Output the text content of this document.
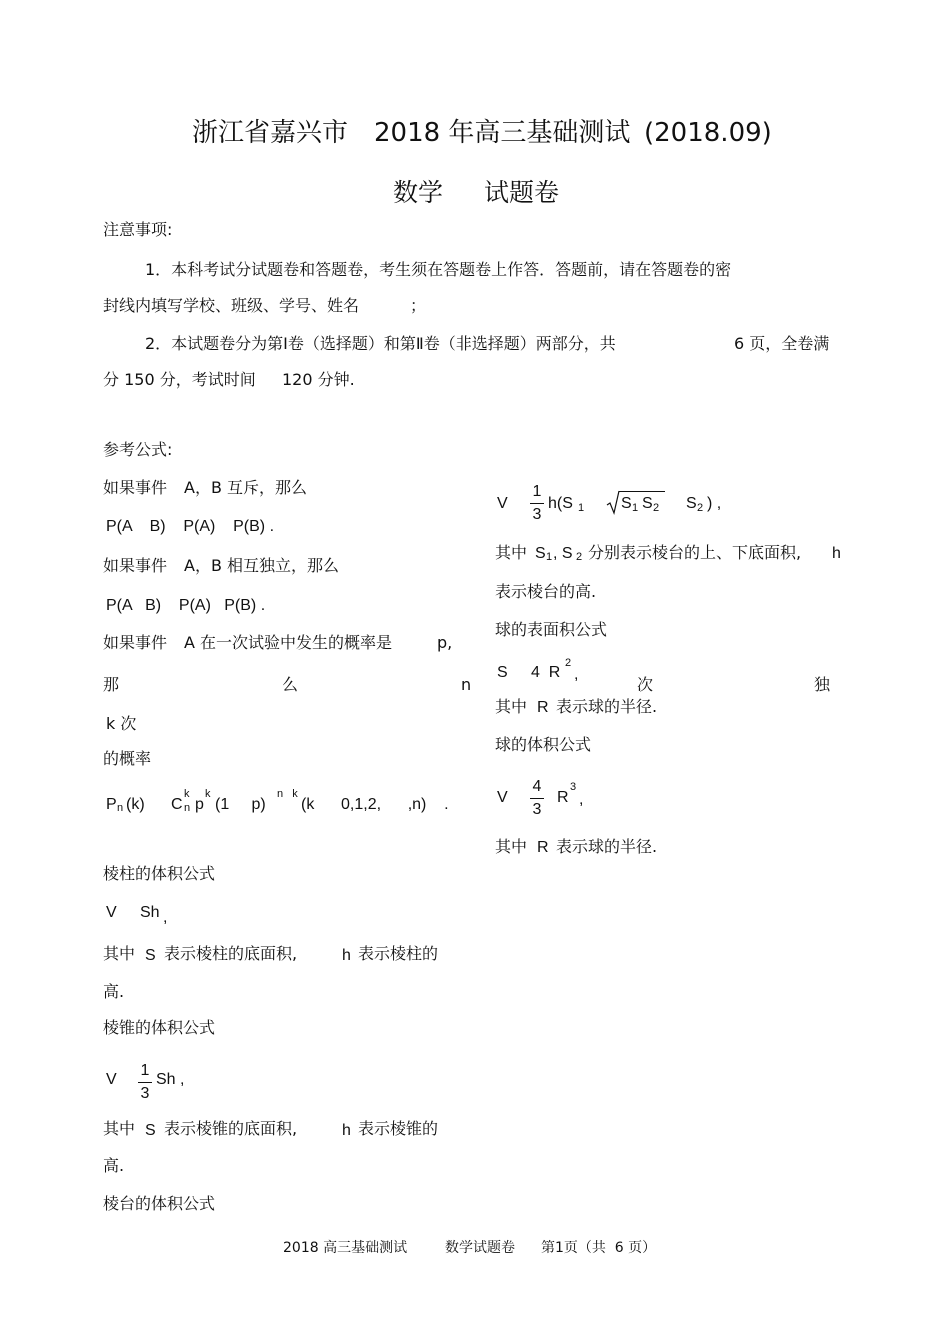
浙江省嘉兴市 2018 年高三基础测试 (2018.09)
数学 试题卷
注意事项:
1．本科考试分试题卷和答题卷，考生须在答题卷上作答．答题前，请在答题卷的密
封线内填写学校、班级、学号、姓名	；
2．本试题卷分为第Ⅰ卷（选择题）和第Ⅱ卷（非选择题）两部分，共	6 页，全卷满
分 150 分，考试时间 120 分钟.
参考公式:
如果事件 A，B 互斥，那么
P(A    B)    P(A)    P(B) .
如果事件 A，B 相互独立，那么
P(A   B)    P(A)   P(B) .
如果事件 A 在一次试验中发生的概率是	p,
那	么	n	次	独
k 次
的概率
P n (k) C
k
n p
k
(1     p)
n   k
(k      0,1,2,      ,n)    .
棱柱的体积公式
V Sh ,
其中 S 表示棱柱的底面积,	h 表示棱柱的
高.
棱锥的体积公式
V
1
3
Sh ,
其中 S 表示棱锥的底面积,	h 表示棱锥的
高.
棱台的体积公式
V
1
3
h(S 1 S 1 S 2 S 2 ) ,
其中 S 1 , S 2 分别表示棱台的上、下底面积, h
表示棱台的高.
球的表面积公式
S 4  R
2
,
其中 R 表示球的半径.
球的体积公式
V
4
3
R
3
,
其中 R 表示球的半径.
2018 高三基础测试	数学试题卷 第1页（共  6 页）
